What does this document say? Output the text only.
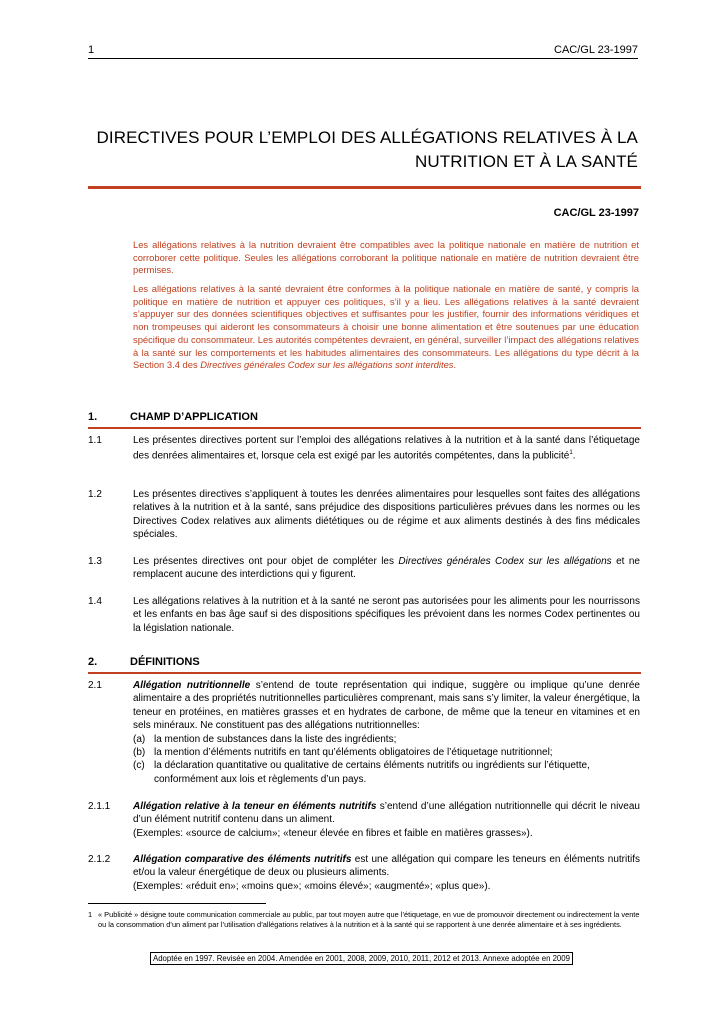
1	CAC/GL 23-1997
DIRECTIVES POUR L’EMPLOI DES ALLÉGATIONS RELATIVES À LA
NUTRITION ET À LA SANTÉ
CAC/GL 23-1997

Les allégations relatives à la nutrition devraient être compatibles avec la politique nationale en matière de nutrition et corroborer cette politique. Seules les allégations corroborant la politique nationale en matière de nutrition devraient être permises.

Les allégations relatives à la santé devraient être conformes à la politique nationale en matière de santé, y compris la politique en matière de nutrition et appuyer ces politiques, s’il y a lieu. Les allégations relatives à la santé devraient s’appuyer sur des données scientifiques objectives et suffisantes pour les justifier, fournir des informations véridiques et non trompeuses qui aideront les consommateurs à choisir une bonne alimentation et être soutenues par une éducation spécifique du consommateur. Les autorités compétentes devraient, en général, surveiller l’impact des allégations relatives à la santé sur les comportements et les habitudes alimentaires des consommateurs. Les allégations du type décrit à la Section 3.4 des Directives générales Codex sur les allégations sont interdites.

1.	CHAMP D’APPLICATION
1.1	Les présentes directives portent sur l’emploi des allégations relatives à la nutrition et à la santé dans l’étiquetage des denrées alimentaires et, lorsque cela est exigé par les autorités compétentes, dans la publicité$^1$.
1.2	Les présentes directives s’appliquent à toutes les denrées alimentaires pour lesquelles sont faites des allégations relatives à la nutrition et à la santé, sans préjudice des dispositions particulières prévues dans les normes ou les Directives Codex relatives aux aliments diététiques ou de régime et aux aliments destinés à des fins médicales spéciales.
1.3	Les présentes directives ont pour objet de compléter les Directives générales Codex sur les allégations et ne remplacent aucune des interdictions qui y figurent.
1.4	Les allégations relatives à la nutrition et à la santé ne seront pas autorisées pour les aliments pour les nourrissons et les enfants en bas âge sauf si des dispositions spécifiques les prévoient dans les normes Codex pertinentes ou la législation nationale.
2.	DÉFINITIONS
2.1	Allégation nutritionnelle s’entend de toute représentation qui indique, suggère ou implique qu’une denrée alimentaire a des propriétés nutritionnelles particulières comprenant, mais sans s’y limiter, la valeur énergétique, la teneur en protéines, en matières grasses et en hydrates de carbone, de même que la teneur en vitamines et en sels minéraux. Ne constituent pas des allégations nutritionnelles:
(a) la mention de substances dans la liste des ingrédients;
(b) la mention d’éléments nutritifs en tant qu’éléments obligatoires de l’étiquetage nutritionnel;
(c) la déclaration quantitative ou qualitative de certains éléments nutritifs ou ingrédients sur l’étiquette, conformément aux lois et règlements d’un pays.
2.1.1 Allégation relative à la teneur en éléments nutritifs s’entend d’une allégation nutritionnelle qui décrit le niveau d’un élément nutritif contenu dans un aliment.
(Exemples: «source de calcium»; «teneur élevée en fibres et faible en matières grasses»).
2.1.2 Allégation comparative des éléments nutritifs est une allégation qui compare les teneurs en éléments nutritifs et/ou la valeur énergétique de deux ou plusieurs aliments.
(Exemples: «réduit en»; «moins que»; «moins élevé»; «augmenté»; «plus que»).
1 « Publicité » désigne toute communication commerciale au public, par tout moyen autre que l’étiquetage, en vue de promouvoir directement ou indirectement la vente ou la consommation d’un aliment par l’utilisation d’allégations relatives à la nutrition et à la santé qui se rapportent à une denrée alimentaire et à ses ingrédients.
Adoptée en 1997. Revisée en 2004. Amendée en 2001, 2008, 2009, 2010, 2011, 2012 et 2013. Annexe adoptée en 2009
